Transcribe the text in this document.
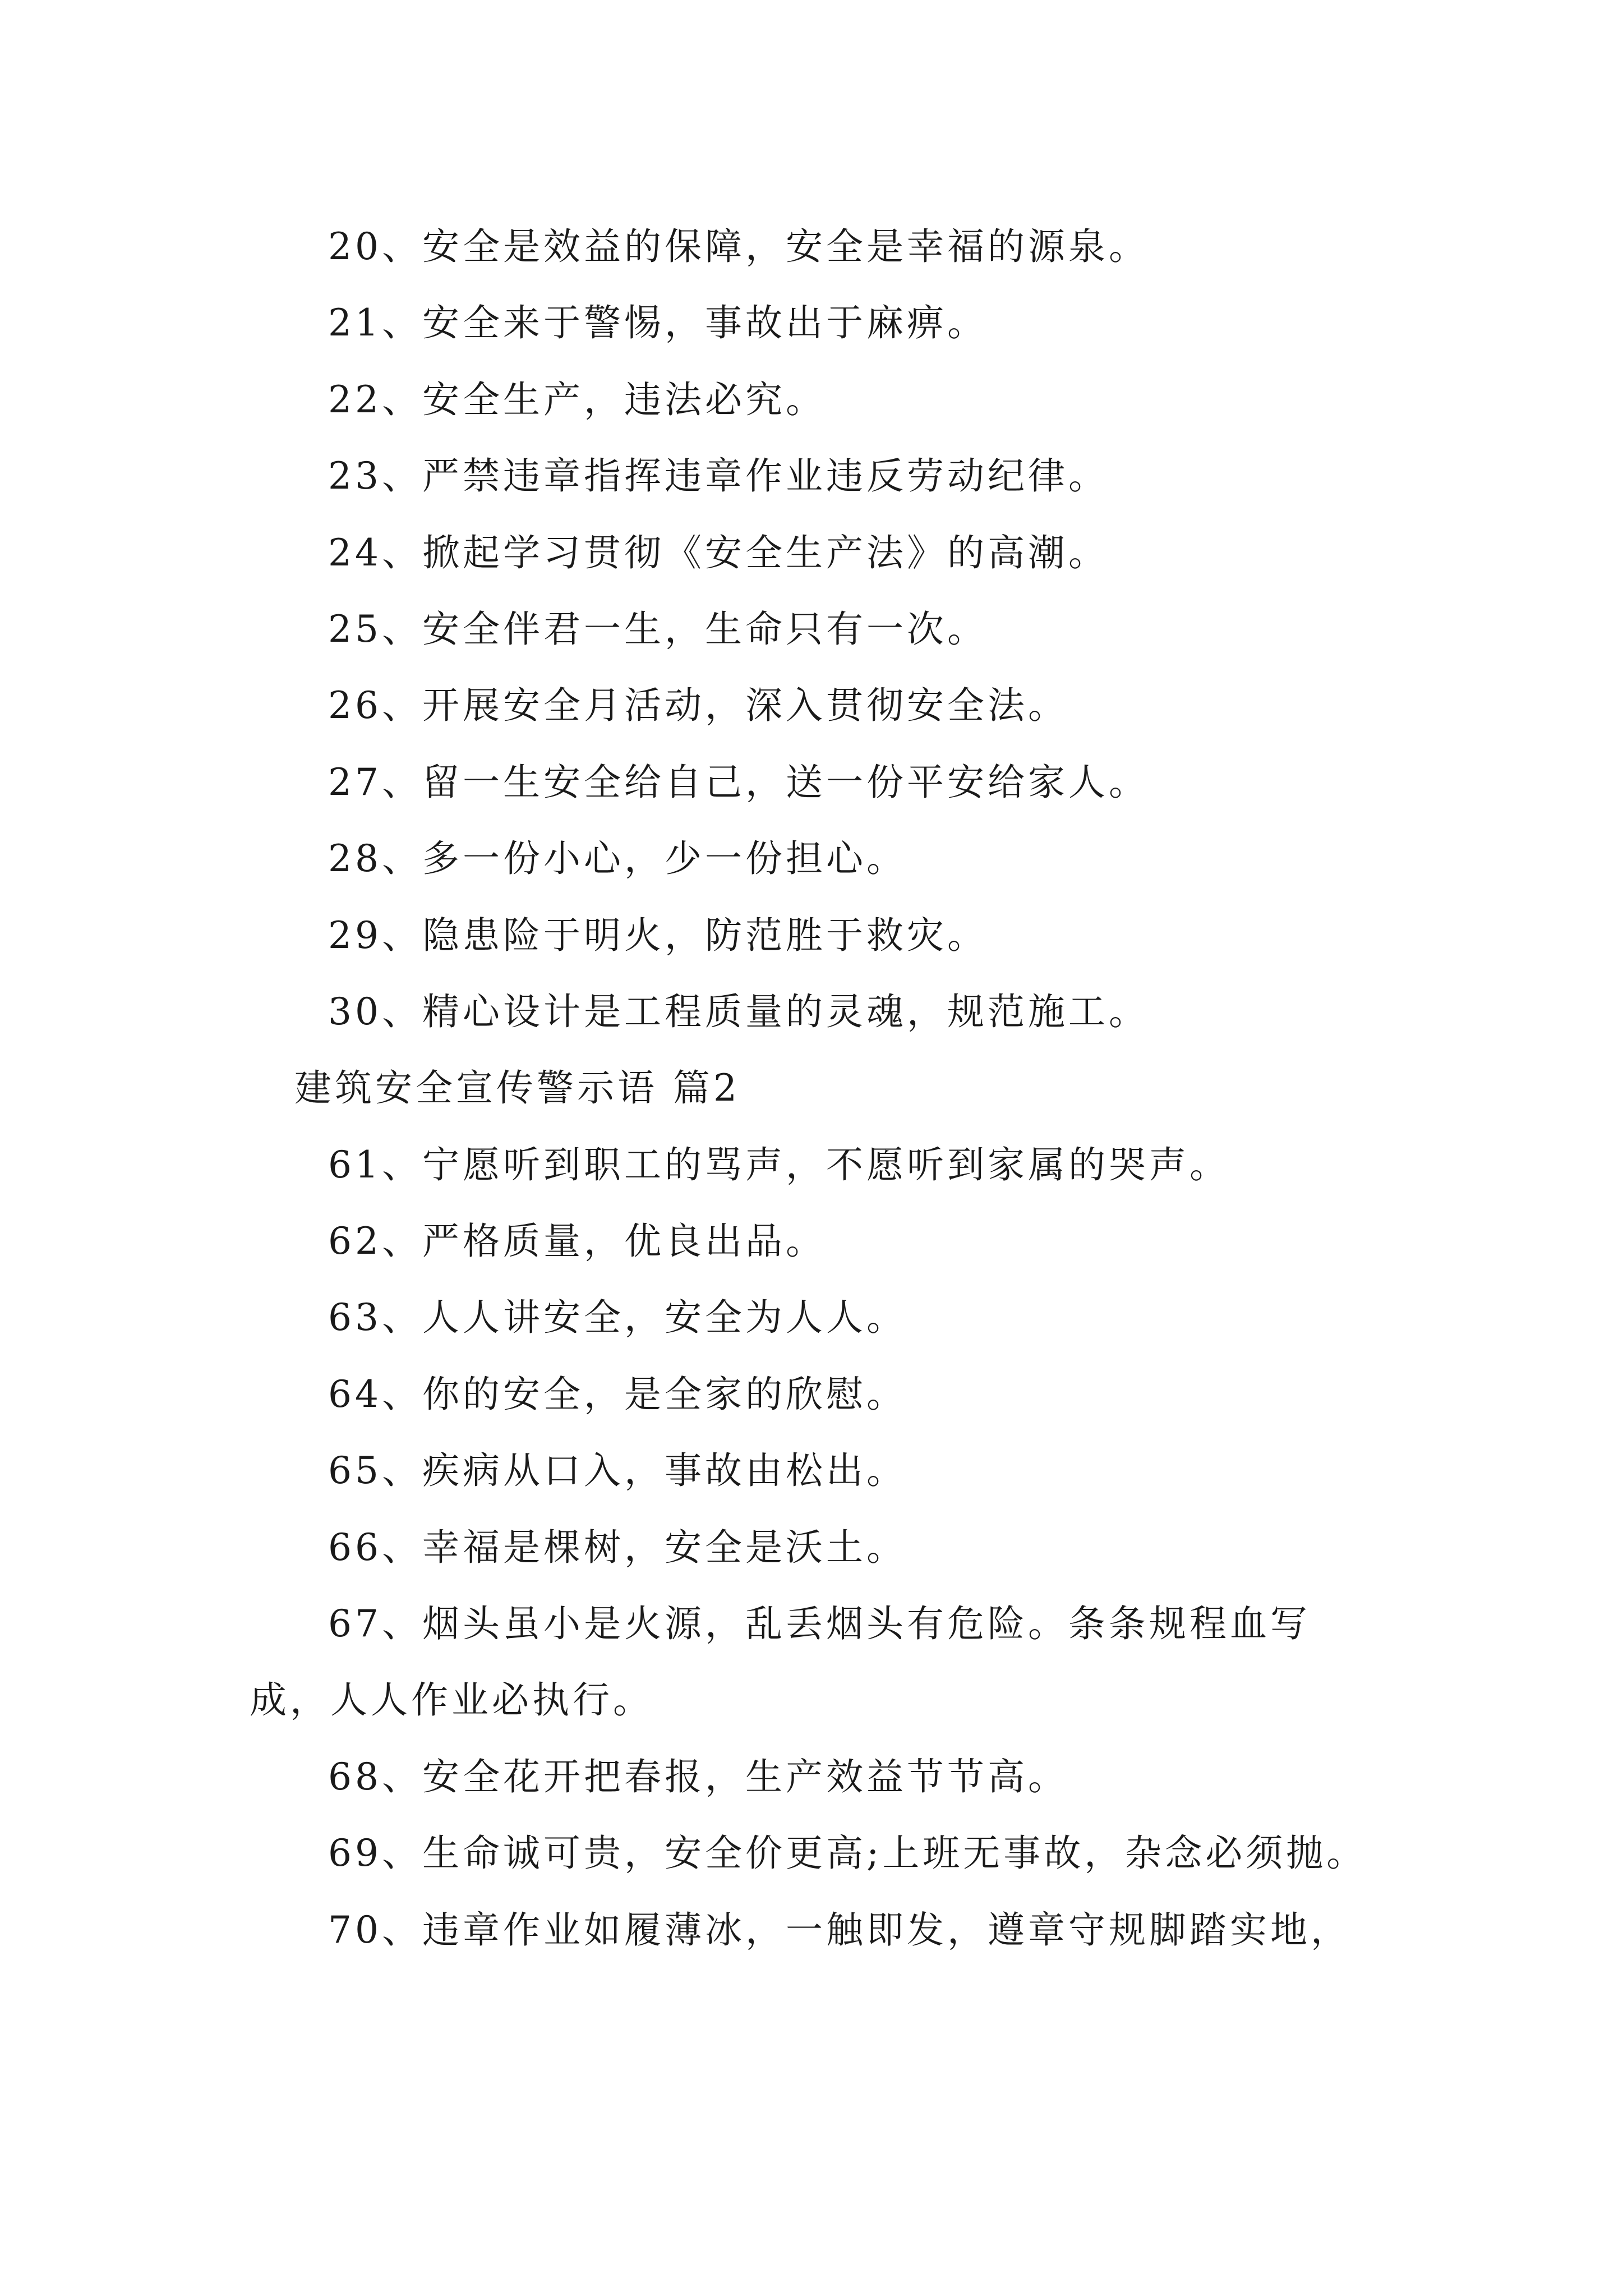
20、安全是效益的保障，安全是幸福的源泉。
21、安全来于警惕，事故出于麻痹。
22、安全生产，违法必究。
23、严禁违章指挥违章作业违反劳动纪律。
24、掀起学习贯彻《安全生产法》的高潮。
25、安全伴君一生，生命只有一次。
26、开展安全月活动，深入贯彻安全法。
27、留一生安全给自己，送一份平安给家人。
28、多一份小心，少一份担心。
29、隐患险于明火，防范胜于救灾。
30、精心设计是工程质量的灵魂，规范施工。
建筑安全宣传警示语 篇2
61、宁愿听到职工的骂声，不愿听到家属的哭声。
62、严格质量，优良出品。
63、人人讲安全，安全为人人。
64、你的安全，是全家的欣慰。
65、疾病从口入，事故由松出。
66、幸福是棵树，安全是沃土。
67、烟头虽小是火源，乱丢烟头有危险。条条规程血写成，人人作业必执行。
68、安全花开把春报，生产效益节节高。
69、生命诚可贵，安全价更高;上班无事故，杂念必须抛。
70、违章作业如履薄冰，一触即发，遵章守规脚踏实地，
